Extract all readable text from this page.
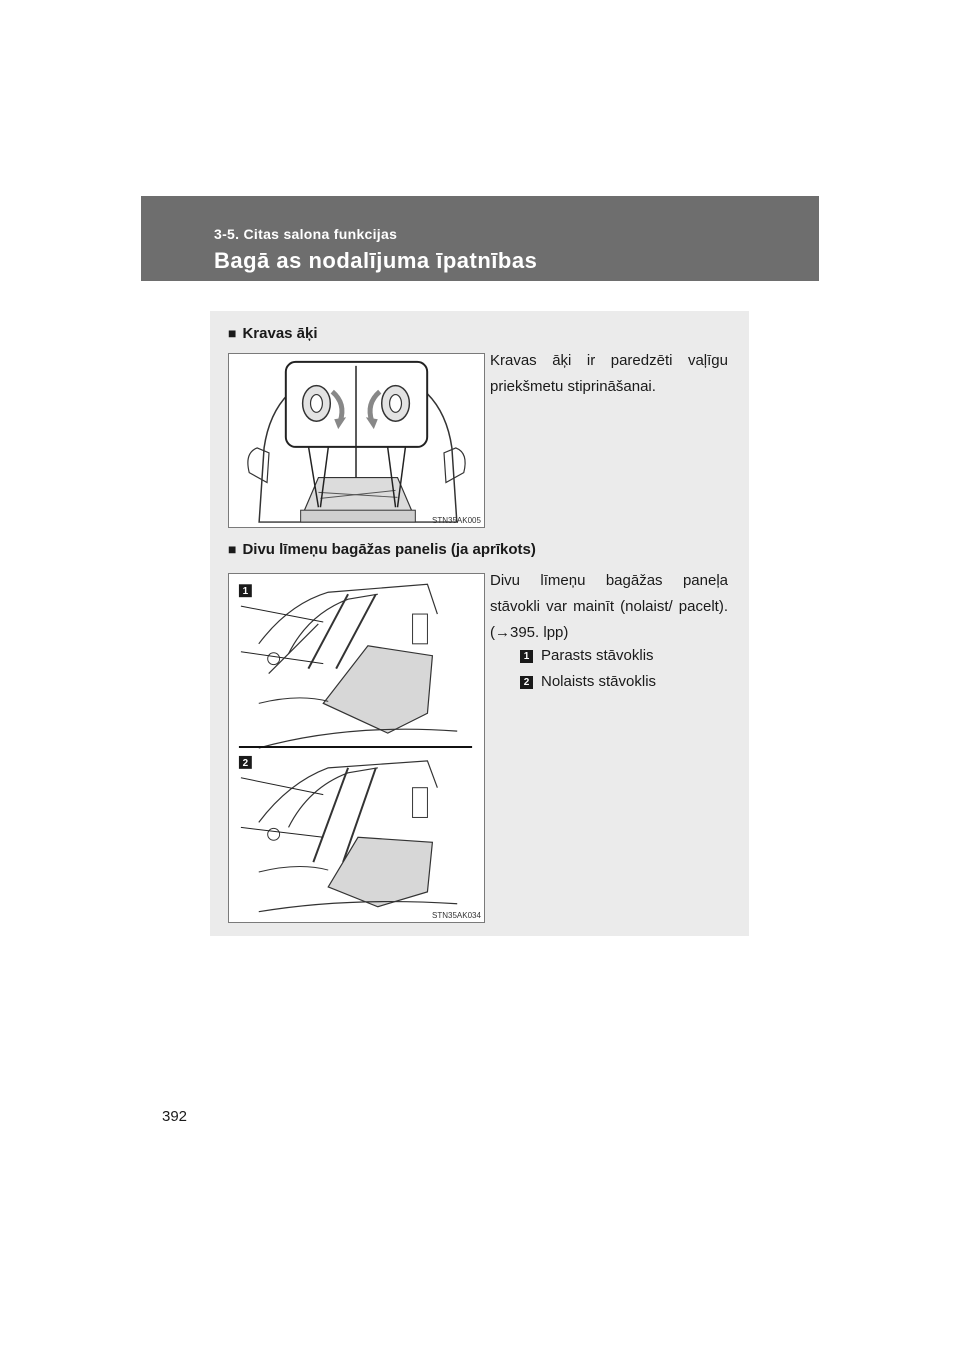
3-5. Citas salona funkcijas
Bagā as nodalījuma īpatnības
■ Kravas āķi
Kravas āķi ir paredzēti vaļīgu priekšmetu stiprināšanai.
STN35AK005
■ Divu līmeņu bagāžas panelis (ja aprīkots)
Divu līmeņu bagāžas paneļa stāvokli var mainīt (nolaist/ pacelt). (→395. lpp)
1 Parasts stāvoklis
2 Nolaists stāvoklis
1
2
STN35AK034
392
